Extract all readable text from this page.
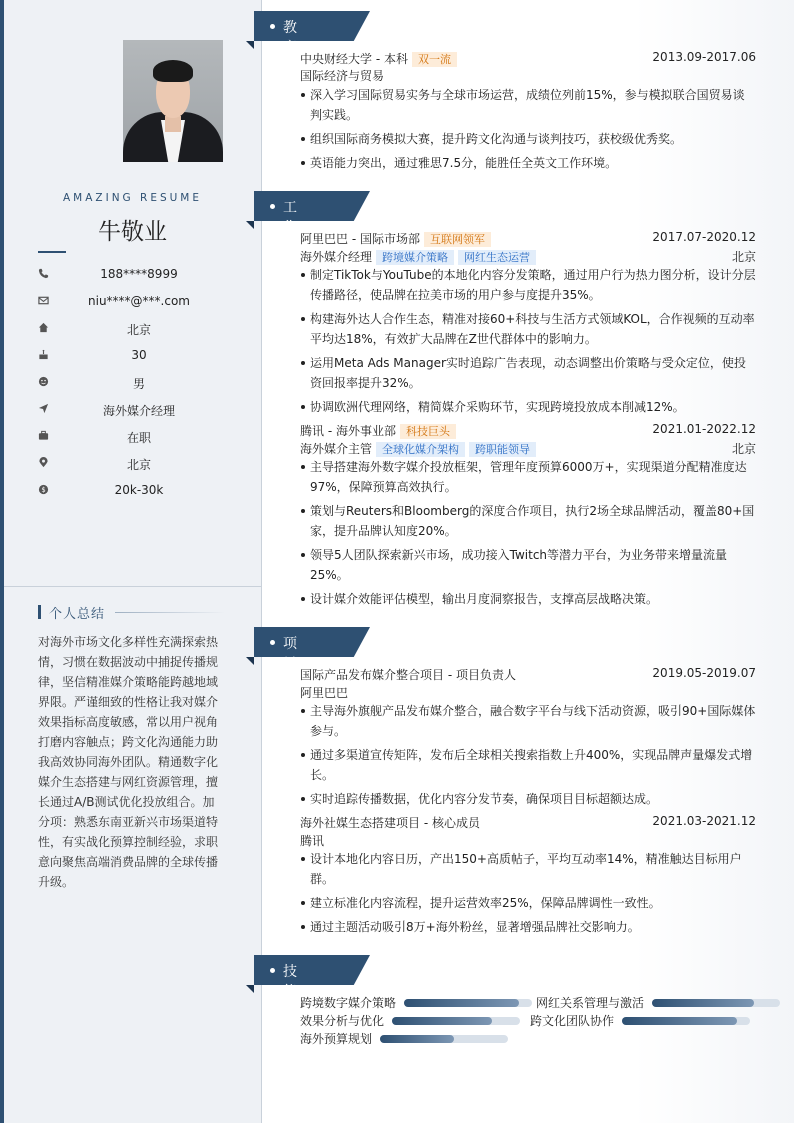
AMAZING RESUME
牛敬业
188****8999
niu****@***.com
北京
30
男
海外媒介经理
在职
北京
$	20k-30k
个人总结
对海外市场文化多样性充满探索热情，习惯在数据波动中捕捉传播规律，坚信精准媒介策略能跨越地域界限。严谨细致的性格让我对媒介效果指标高度敏感，常以用户视角打磨内容触点；跨文化沟通能力助我高效协同海外团队。精通数字化媒介生态搭建与网红资源管理，擅长通过A/B测试优化投放组合。加分项：熟悉东南亚新兴市场渠道特性，有实战化预算控制经验，求职意向聚焦高端消费品牌的全球传播升级。
教育经历
中央财经大学 - 本科 双一流	2013.09-2017.06
国际经济与贸易
深入学习国际贸易实务与全球市场运营，成绩位列前15%，参与模拟联合国贸易谈判实践。
组织国际商务模拟大赛，提升跨文化沟通与谈判技巧，获校级优秀奖。
英语能力突出，通过雅思7.5分，能胜任全英文工作环境。
工作经历
阿里巴巴 - 国际市场部 互联网领军	2017.07-2020.12
海外媒介经理 跨境媒介策略 网红生态运营	北京
制定TikTok与YouTube的本地化内容分发策略，通过用户行为热力图分析，设计分层传播路径，使品牌在拉美市场的用户参与度提升35%。
构建海外达人合作生态，精准对接60+科技与生活方式领域KOL，合作视频的互动率平均达18%，有效扩大品牌在Z世代群体中的影响力。
运用Meta Ads Manager实时追踪广告表现，动态调整出价策略与受众定位，使投资回报率提升32%。
协调欧洲代理网络，精简媒介采购环节，实现跨境投放成本削减12%。
腾讯 - 海外事业部 科技巨头	2021.01-2022.12
海外媒介主管 全球化媒介架构 跨职能领导	北京
主导搭建海外数字媒介投放框架，管理年度预算6000万+，实现渠道分配精准度达97%，保障预算高效执行。
策划与Reuters和Bloomberg的深度合作项目，执行2场全球品牌活动，覆盖80+国家，提升品牌认知度20%。
领导5人团队探索新兴市场，成功接入Twitch等潜力平台，为业务带来增量流量25%。
设计媒介效能评估模型，输出月度洞察报告，支撑高层战略决策。
项目经历
国际产品发布媒介整合项目 - 项目负责人	2019.05-2019.07
阿里巴巴
主导海外旗舰产品发布媒介整合，融合数字平台与线下活动资源，吸引90+国际媒体参与。
通过多渠道宣传矩阵，发布后全球相关搜索指数上升400%，实现品牌声量爆发式增长。
实时追踪传播数据，优化内容分发节奏，确保项目目标超额达成。
海外社媒生态搭建项目 - 核心成员	2021.03-2021.12
腾讯
设计本地化内容日历，产出150+高质帖子，平均互动率14%，精准触达目标用户群。
建立标准化内容流程，提升运营效率25%，保障品牌调性一致性。
通过主题活动吸引8万+海外粉丝，显著增强品牌社交影响力。
技能专长
跨境数字媒介策略	网红关系管理与激活
效果分析与优化	跨文化团队协作
海外预算规划
